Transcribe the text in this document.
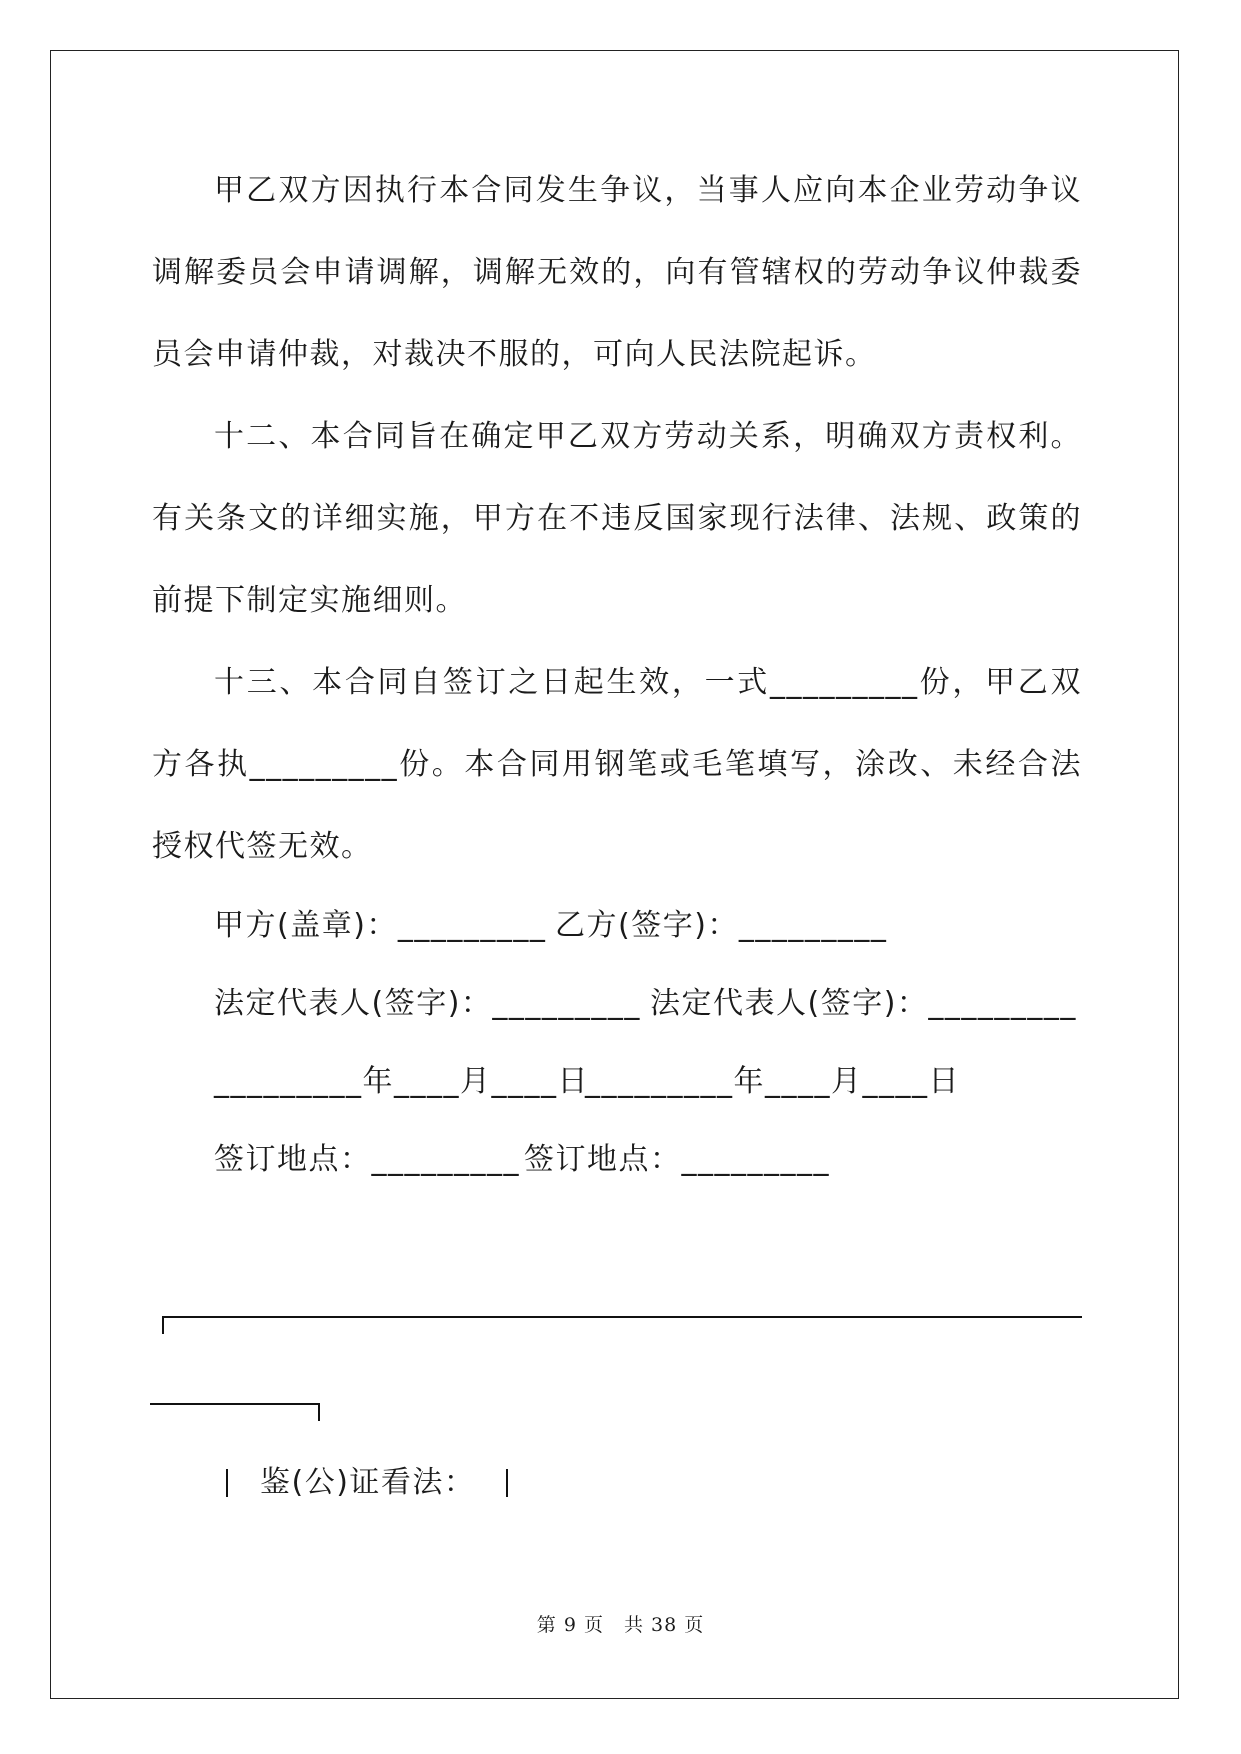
甲乙双方因执行本合同发生争议，当事人应向本企业劳动争议调解委员会申请调解，调解无效的，向有管辖权的劳动争议仲裁委员会申请仲裁，对裁决不服的，可向人民法院起诉。

十二、本合同旨在确定甲乙双方劳动关系，明确双方责权利。有关条文的详细实施，甲方在不违反国家现行法律、法规、政策的前提下制定实施细则。

十三、本合同自签订之日起生效，一式_________份，甲乙双方各执_________份。本合同用钢笔或毛笔填写，涂改、未经合法授权代签无效。

甲方(盖章)：_________ 乙方(签字)：_________
法定代表人(签字)：_________ 法定代表人(签字)：_________
_________年____月____日
_________年____月____日
签订地点：_________ 签订地点：_________
鉴(公)证看法：
第 9 页　共 38 页
